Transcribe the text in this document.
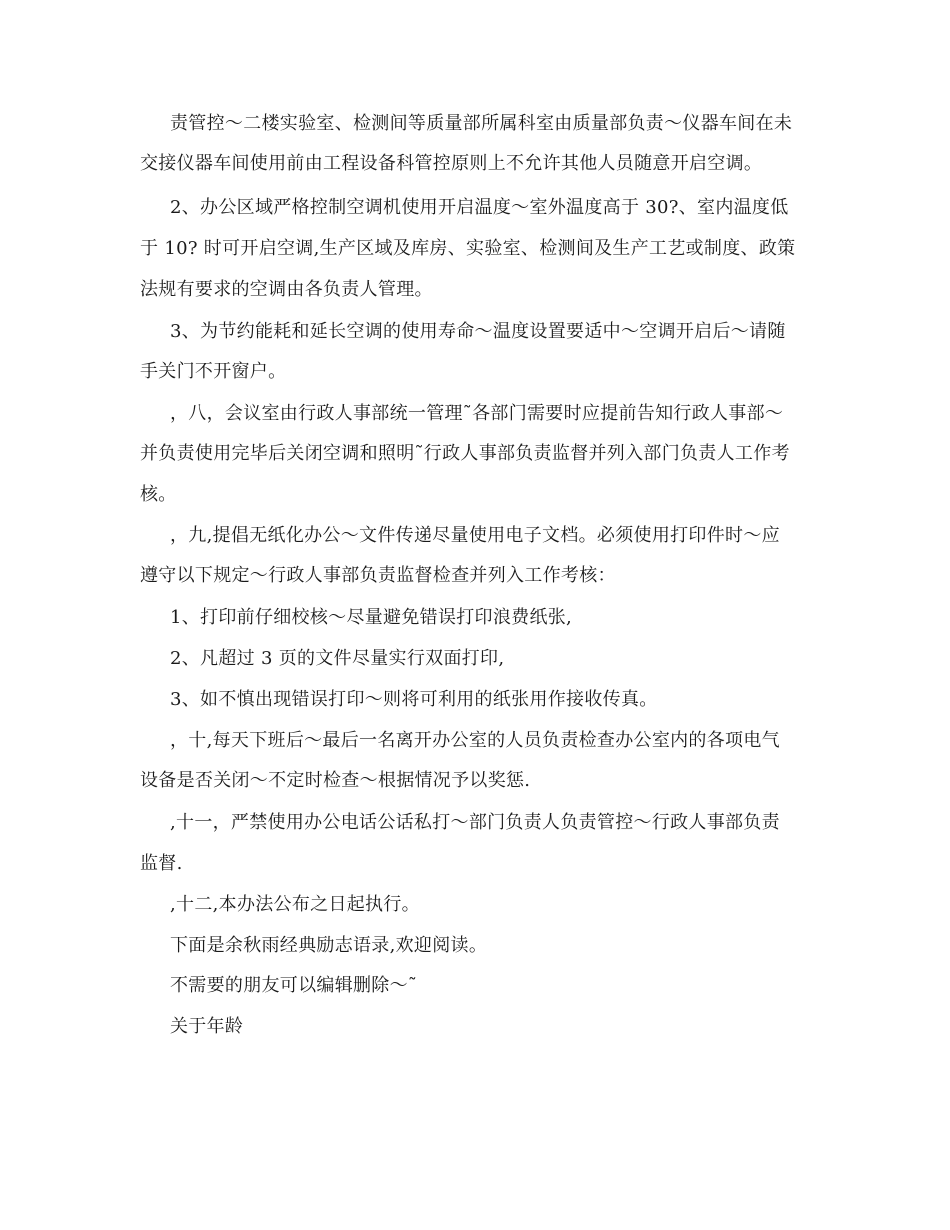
责管控～二楼实验室、检测间等质量部所属科室由质量部负责～仪器车间在未
交接仪器车间使用前由工程设备科管控原则上不允许其他人员随意开启空调。
2、办公区域严格控制空调机使用开启温度～室外温度高于 30?、室内温度低
于 10? 时可开启空调,生产区域及库房、实验室、检测间及生产工艺或制度、政策
法规有要求的空调由各负责人管理。
3、为节约能耗和延长空调的使用寿命～温度设置要适中～空调开启后～请随
手关门不开窗户。
，八，会议室由行政人事部统一管理˜各部门需要时应提前告知行政人事部～
并负责使用完毕后关闭空调和照明˜行政人事部负责监督并列入部门负责人工作考
核。
，九,提倡无纸化办公～文件传递尽量使用电子文档。必须使用打印件时～应
遵守以下规定～行政人事部负责监督检查并列入工作考核：
1、打印前仔细校核～尽量避免错误打印浪费纸张,
2、凡超过 3 页的文件尽量实行双面打印,
3、如不慎出现错误打印～则将可利用的纸张用作接收传真。
，十,每天下班后～最后一名离开办公室的人员负责检查办公室内的各项电气
设备是否关闭～不定时检查～根据情况予以奖惩.
,十一，严禁使用办公电话公话私打～部门负责人负责管控～行政人事部负责
监督.
,十二,本办法公布之日起执行。
下面是余秋雨经典励志语录,欢迎阅读。
不需要的朋友可以编辑删除～˜
关于年龄
